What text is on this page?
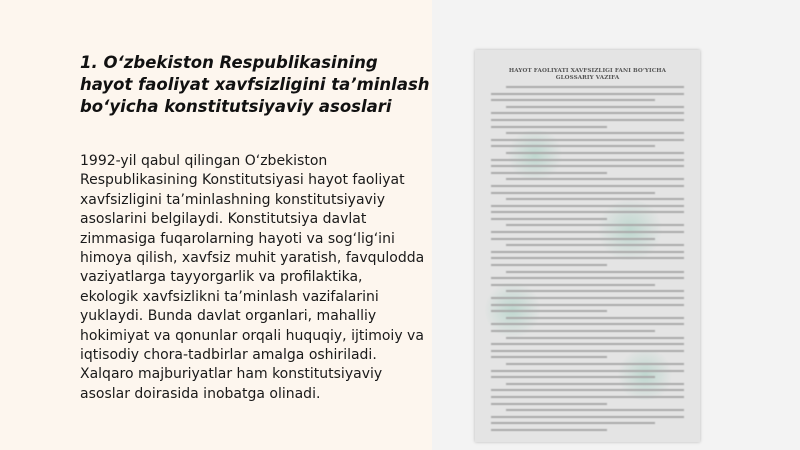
1. O‘zbekiston Respublikasining hayot faoliyat xavfsizligini ta’minlash bo‘yicha konstitutsiyaviy asoslari

1992-yil qabul qilingan O‘zbekiston Respublikasining Konstitutsiyasi hayot faoliyat xavfsizligini ta’minlashning konstitutsiyaviy asoslarini belgilaydi. Konstitutsiya davlat zimmasiga fuqarolarning hayoti va sog‘lig‘ini himoya qilish, xavfsiz muhit yaratish, favqulodda vaziyatlarga tayyorgarlik va profilaktika, ekologik xavfsizlikni ta’minlash vazifalarini yuklaydi. Bunda davlat organlari, mahalliy hokimiyat va qonunlar orqali huquqiy, ijtimoiy va iqtisodiy chora-tadbirlar amalga oshiriladi. Xalqaro majburiyatlar ham konstitutsiyaviy asoslar doirasida inobatga olinadi.

HAYOT FAOLIYATI XAVFSIZLIGI FANI BO‘YICHA GLOSSARIY VAZIFA
